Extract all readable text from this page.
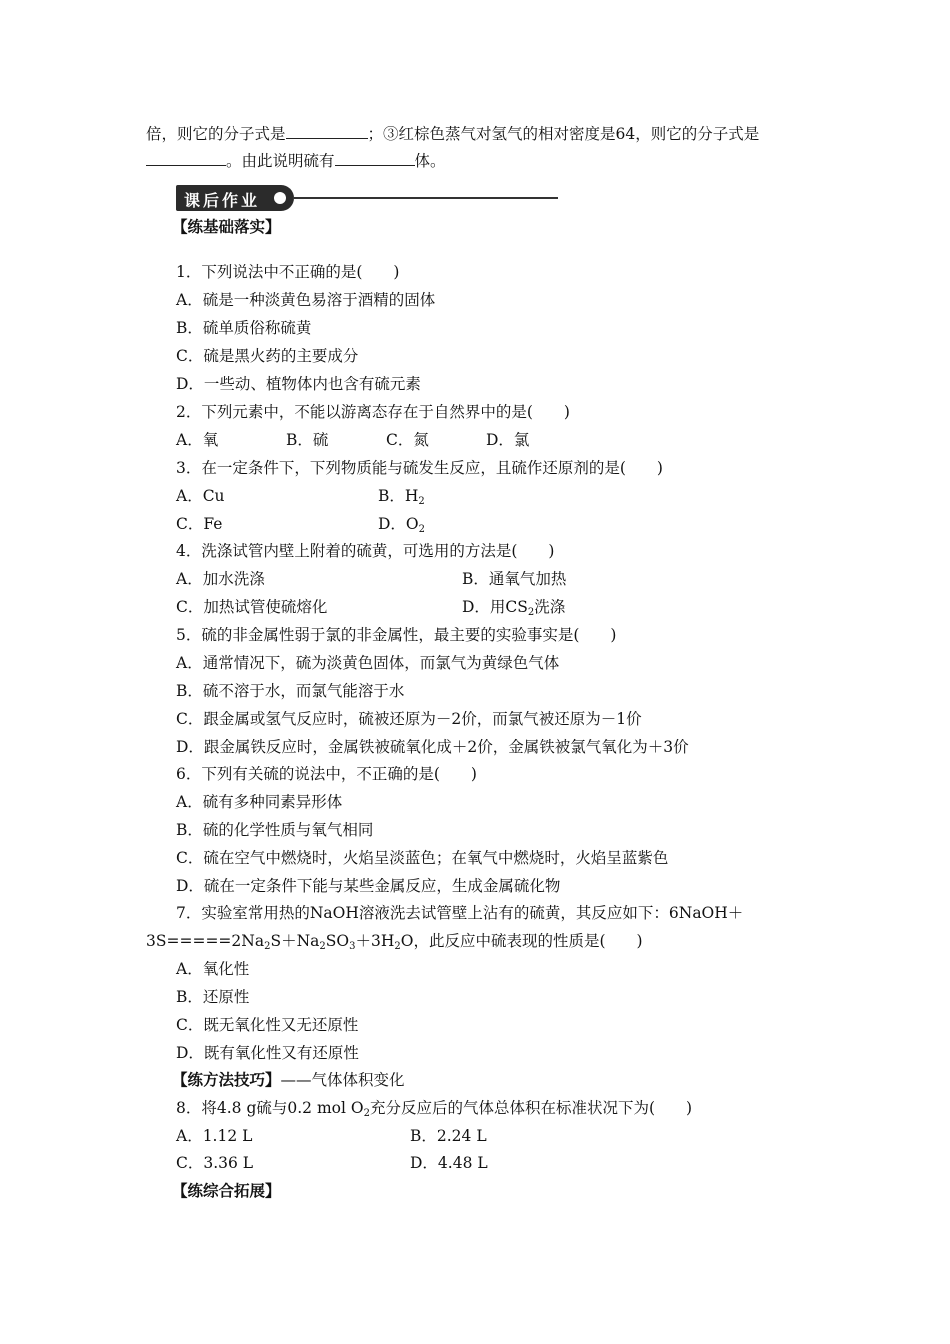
倍，则它的分子式是	；③红棕色蒸气对氢气的相对密度是64，则它的分子式是
。由此说明硫有	体。
课后作业
【练基础落实】
1．下列说法中不正确的是(　　)
A．硫是一种淡黄色易溶于酒精的固体
B．硫单质俗称硫黄
C．硫是黑火药的主要成分
D．一些动、植物体内也含有硫元素
2．下列元素中，不能以游离态存在于自然界中的是(　　)
A．氧	B．硫	C．氮	D．氯
3．在一定条件下，下列物质能与硫发生反应，且硫作还原剂的是(　　)
A．Cu	B．$H_2$
C．Fe	D．$O_2$
4．洗涤试管内壁上附着的硫黄，可选用的方法是(　　)
A．加水洗涤	B．通氧气加热
C．加热试管使硫熔化	D．用$CS_2$洗涤
5．硫的非金属性弱于氯的非金属性，最主要的实验事实是(　　)
A．通常情况下，硫为淡黄色固体，而氯气为黄绿色气体
B．硫不溶于水，而氯气能溶于水
C．跟金属或氢气反应时，硫被还原为－2价，而氯气被还原为－1价
D．跟金属铁反应时，金属铁被硫氧化成＋2价，金属铁被氯气氧化为＋3价
6．下列有关硫的说法中，不正确的是(　　)
A．硫有多种同素异形体
B．硫的化学性质与氧气相同
C．硫在空气中燃烧时，火焰呈淡蓝色；在氧气中燃烧时，火焰呈蓝紫色
D．硫在一定条件下能与某些金属反应，生成金属硫化物
7．实验室常用热的NaOH溶液洗去试管壁上沾有的硫黄，其反应如下：6NaOH＋
$3S=====2Na_2S+Na_2SO_3+3H_2O$，此反应中硫表现的性质是(　　)
A．氧化性
B．还原性
C．既无氧化性又无还原性
D．既有氧化性又有还原性
【练方法技巧】——气体体积变化
8．将4.8 g硫与0.2 mol $O_2$充分反应后的气体总体积在标准状况下为(　　)
A．1.12 L	B．2.24 L
C．3.36 L	D．4.48 L
【练综合拓展】
